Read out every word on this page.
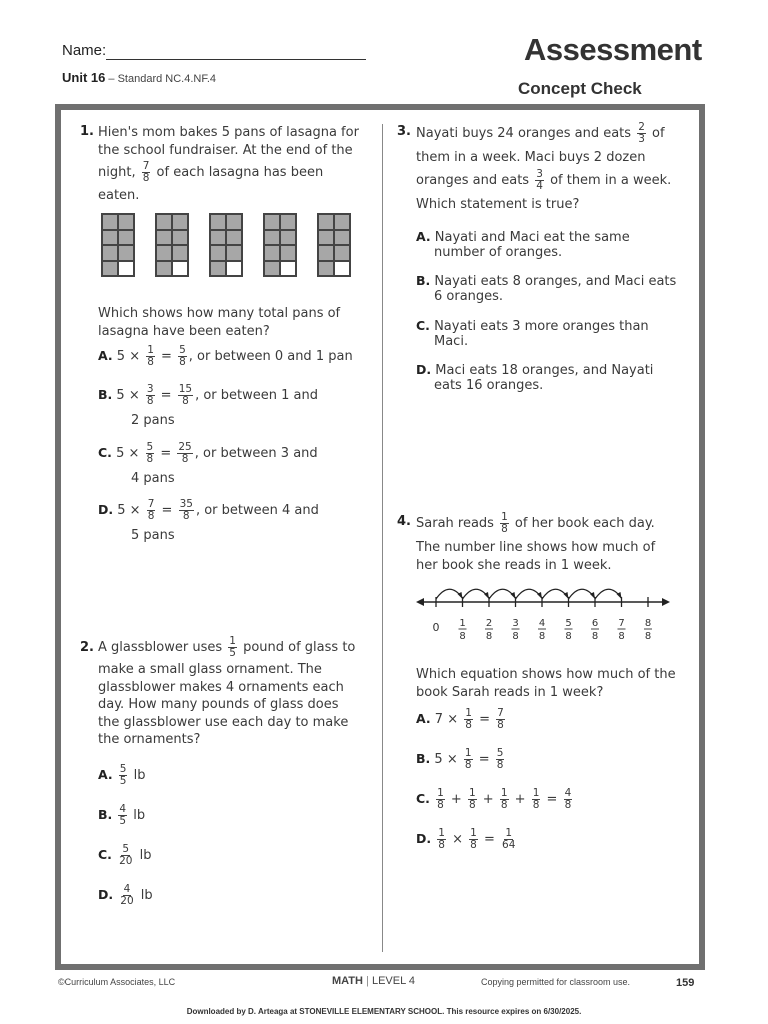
Name:
Unit 16 – Standard NC.4.NF.4
Assessment
Concept Check
1. Hien's mom bakes 5 pans of lasagna for
the school fundraiser. At the end of the
night, $\frac{7}{8}$ of each lasagna has been
eaten.
Which shows how many total pans of
lasagna have been eaten?
A. $5 \times \frac{1}{8} = \frac{5}{8}$ , or between 0 and 1 pan
B. $5 \times \frac{3}{8} = \frac{15}{8}$ , or between 1 and
2 pans
C. $5 \times \frac{5}{8} = \frac{25}{8}$ , or between 3 and
4 pans
D. $5 \times \frac{7}{8} = \frac{35}{8}$ , or between 4 and
5 pans
2. A glassblower uses $\frac{1}{5}$ pound of glass to
make a small glass ornament. The
glassblower makes 4 ornaments each
day. How many pounds of glass does
the glassblower use each day to make
the ornaments?
A. $\frac{5}{5}$ lb
B. $\frac{4}{5}$ lb
C. $\frac{5}{20}$ lb
D. $\frac{4}{20}$ lb
3. Nayati buys 24 oranges and eats $\frac{2}{3}$ of
them in a week. Maci buys 2 dozen
oranges and eats $\frac{3}{4}$ of them in a week.
Which statement is true?
A. Nayati and Maci eat the same
number of oranges.
B. Nayati eats 8 oranges, and Maci eats
6 oranges.
C. Nayati eats 3 more oranges than
Maci.
D. Maci eats 18 oranges, and Nayati
eats 16 oranges.
4. Sarah reads $\frac{1}{8}$ of her book each day.
The number line shows how much of
her book she reads in 1 week.
0 1
8
2
8
3
8
4
8
5
8
6
8
7
8
8
8
Which equation shows how much of the
book Sarah reads in 1 week?
A. $7 \times \frac{1}{8} = \frac{7}{8}$
B. $5 \times \frac{1}{8} = \frac{5}{8}$
C. $\frac{1}{8} + \frac{1}{8} + \frac{1}{8} + \frac{1}{8} = \frac{4}{8}$
D. $\frac{1}{8} \times \frac{1}{8} = \frac{1}{64}$
©Curriculum Associates, LLC	MATH | LEVEL 4	Copying permitted for classroom use.	159
Downloaded by D. Arteaga at STONEVILLE ELEMENTARY SCHOOL. This resource expires on 6/30/2025.
